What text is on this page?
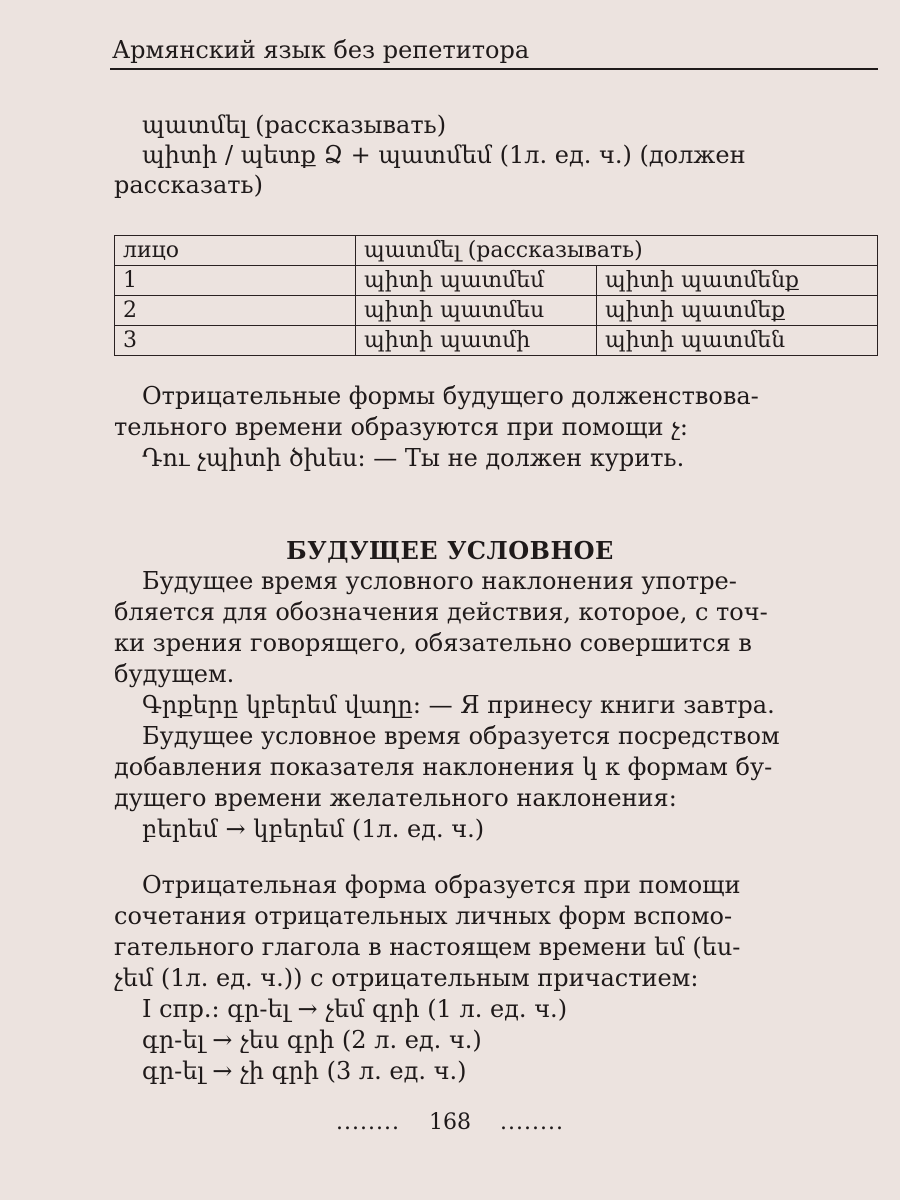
Армянский язык без репетитора
պատմել (рассказывать)
պիտի / պետք Ձ + պատմեմ (1л. ед. ч.) (должен
рассказать)
лицо	պատմել (рассказывать)	
1	պիտի պատմեմ	պիտի պատմենք
2	պիտի պատմես	պիտի պատմեք
3	պիտի պատմի	պիտի պատմեն
Отрицательные формы будущего долженствова-
тельного времени образуются при помощи չ:
Դու չպիտի ծխես: — Ты не должен курить.
БУДУЩЕЕ УСЛОВНОЕ
Будущее время условного наклонения употре-
бляется для обозначения действия, которое, с точ-
ки зрения говорящего, обязательно совершится в
будущем.
Գրքերը կբերեմ վաղը: — Я принесу книги завтра.
Будущее условное время образуется посредством
добавления показателя наклонения կ к формам бу-
дущего времени желательного наклонения:
բերեմ → կբերեմ (1л. ед. ч.)
Отрицательная форма образуется при помощи
сочетания отрицательных личных форм вспомо-
гательного глагола в настоящем времени եմ (ես-
չեմ (1л. ед. ч.)) с отрицательным причастием:
I спр.: գր-ել → չեմ գրի (1 л. ед. ч.)
գր-ել → չես գրի (2 л. ед. ч.)
գր-ել → չի գրի (3 л. ед. ч.)
........ 168 ........
